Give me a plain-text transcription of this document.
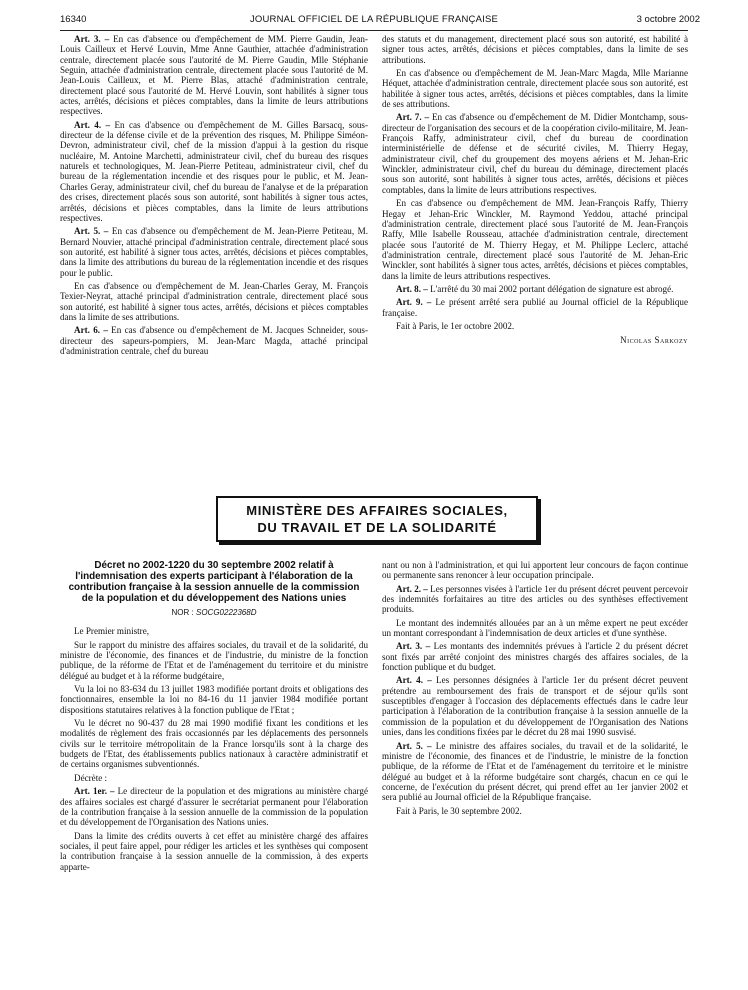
16340	JOURNAL OFFICIEL DE LA RÉPUBLIQUE FRANÇAISE	3 octobre 2002

Art. 3. – En cas d'absence ou d'empêchement de MM. Pierre Gaudin, Jean-Louis Cailleux et Hervé Louvin, Mme Anne Gauthier, attachée d'administration centrale, directement placée sous l'autorité de M. Pierre Gaudin, Mlle Stéphanie Seguin, attachée d'administration centrale, directement placée sous l'autorité de M. Jean-Louis Cailleux, et M. Pierre Blas, attaché d'administration centrale, directement placé sous l'autorité de M. Hervé Louvin, sont habilités à signer tous actes, arrêtés, décisions et pièces comptables, dans la limite de leurs attributions respectives.

Art. 4. – En cas d'absence ou d'empêchement de M. Gilles Barsacq, sous-directeur de la défense civile et de la prévention des risques, M. Philippe Siméon-Devron, administrateur civil, chef de la mission d'appui à la gestion du risque nucléaire, M. Antoine Marchetti, administrateur civil, chef du bureau des risques naturels et technologiques, M. Jean-Pierre Petiteau, administrateur civil, chef du bureau de la réglementation incendie et des risques pour le public, et M. Jean-Charles Geray, administrateur civil, chef du bureau de l'analyse et de la préparation des crises, directement placés sous son autorité, sont habilités à signer tous actes, arrêtés, décisions et pièces comptables, dans la limite de leurs attributions respectives.

Art. 5. – En cas d'absence ou d'empêchement de M. Jean-Pierre Petiteau, M. Bernard Nouvier, attaché principal d'administration centrale, directement placé sous son autorité, est habilité à signer tous actes, arrêtés, décisions et pièces comptables, dans la limite des attributions du bureau de la réglementation incendie et des risques pour le public.

En cas d'absence ou d'empêchement de M. Jean-Charles Geray, M. François Texier-Neyrat, attaché principal d'administration centrale, directement placé sous son autorité, est habilité à signer tous actes, arrêtés, décisions et pièces comptables dans la limite de ses attributions.

Art. 6. – En cas d'absence ou d'empêchement de M. Jacques Schneider, sous-directeur des sapeurs-pompiers, M. Jean-Marc Magda, attaché principal d'administration centrale, chef du bureau

des statuts et du management, directement placé sous son autorité, est habilité à signer tous actes, arrêtés, décisions et pièces comptables, dans la limite de ses attributions.

En cas d'absence ou d'empêchement de M. Jean-Marc Magda, Mlle Marianne Héquet, attachée d'administration centrale, directement placée sous son autorité, est habilitée à signer tous actes, arrêtés, décisions et pièces comptables, dans la limite de ses attributions.

Art. 7. – En cas d'absence ou d'empêchement de M. Didier Montchamp, sous-directeur de l'organisation des secours et de la coopération civilo-militaire, M. Jean-François Raffy, administrateur civil, chef du bureau de coordination interministérielle de défense et de sécurité civiles, M. Thierry Hegay, administrateur civil, chef du groupement des moyens aériens et M. Jehan-Eric Winckler, administrateur civil, chef du bureau du déminage, directement placés sous son autorité, sont habilités à signer tous actes, arrêtés, décisions et pièces comptables, dans la limite de leurs attributions respectives.

En cas d'absence ou d'empêchement de MM. Jean-François Raffy, Thierry Hegay et Jehan-Eric Winckler, M. Raymond Yeddou, attaché principal d'administration centrale, directement placé sous l'autorité de M. Jean-François Raffy, Mlle Isabelle Rousseau, attachée d'administration centrale, directement placée sous l'autorité de M. Thierry Hegay, et M. Philippe Leclerc, attaché d'administration centrale, directement placé sous l'autorité de M. Jehan-Eric Winckler, sont habilités à signer tous actes, arrêtés, décisions et pièces comptables, dans la limite de leurs attributions respectives.

Art. 8. – L'arrêté du 30 mai 2002 portant délégation de signature est abrogé.

Art. 9. – Le présent arrêté sera publié au Journal officiel de la République française.

Fait à Paris, le 1er octobre 2002.

Nicolas Sarkozy
MINISTÈRE DES AFFAIRES SOCIALES,
DU TRAVAIL ET DE LA SOLIDARITÉ
Décret no 2002-1220 du 30 septembre 2002 relatif à l'indemnisation des experts participant à l'élaboration de la contribution française à la session annuelle de la commission de la population et du développement des Nations unies
NOR : SOCG0222368D

Le Premier ministre,

Sur le rapport du ministre des affaires sociales, du travail et de la solidarité, du ministre de l'économie, des finances et de l'industrie, du ministre de la fonction publique, de la réforme de l'Etat et de l'aménagement du territoire et du ministre délégué au budget et à la réforme budgétaire,

Vu la loi no 83-634 du 13 juillet 1983 modifiée portant droits et obligations des fonctionnaires, ensemble la loi no 84-16 du 11 janvier 1984 modifiée portant dispositions statutaires relatives à la fonction publique de l'Etat ;

Vu le décret no 90-437 du 28 mai 1990 modifié fixant les conditions et les modalités de règlement des frais occasionnés par les déplacements des personnels civils sur le territoire métropolitain de la France lorsqu'ils sont à la charge des budgets de l'Etat, des établissements publics nationaux à caractère administratif et de certains organismes subventionnés.

Décrète :

Art. 1er. – Le directeur de la population et des migrations au ministère chargé des affaires sociales est chargé d'assurer le secrétariat permanent pour l'élaboration de la contribution française à la session annuelle de la commission de la population et du développement de l'Organisation des Nations unies.

Dans la limite des crédits ouverts à cet effet au ministère chargé des affaires sociales, il peut faire appel, pour rédiger les articles et les synthèses qui composent la contribution française à la session annuelle de la commission, à des experts apparte-

nant ou non à l'administration, et qui lui apportent leur concours de façon continue ou permanente sans renoncer à leur occupation principale.

Art. 2. – Les personnes visées à l'article 1er du présent décret peuvent percevoir des indemnités forfaitaires au titre des articles ou des synthèses effectivement produits.

Le montant des indemnités allouées par an à un même expert ne peut excéder un montant correspondant à l'indemnisation de deux articles et d'une synthèse.

Art. 3. – Les montants des indemnités prévues à l'article 2 du présent décret sont fixés par arrêté conjoint des ministres chargés des affaires sociales, de la fonction publique et du budget.

Art. 4. – Les personnes désignées à l'article 1er du présent décret peuvent prétendre au remboursement des frais de transport et de séjour qu'ils sont susceptibles d'engager à l'occasion des déplacements effectués dans le cadre leur participation à l'élaboration de la contribution française à la session annuelle de la commission de la population et du développement de l'Organisation des Nations unies, dans les conditions fixées par le décret du 28 mai 1990 susvisé.

Art. 5. – Le ministre des affaires sociales, du travail et de la solidarité, le ministre de l'économie, des finances et de l'industrie, le ministre de la fonction publique, de la réforme de l'Etat et de l'aménagement du territoire et le ministre délégué au budget et à la réforme budgétaire sont chargés, chacun en ce qui le concerne, de l'exécution du présent décret, qui prend effet au 1er janvier 2002 et sera publié au Journal officiel de la République française.

Fait à Paris, le 30 septembre 2002.
